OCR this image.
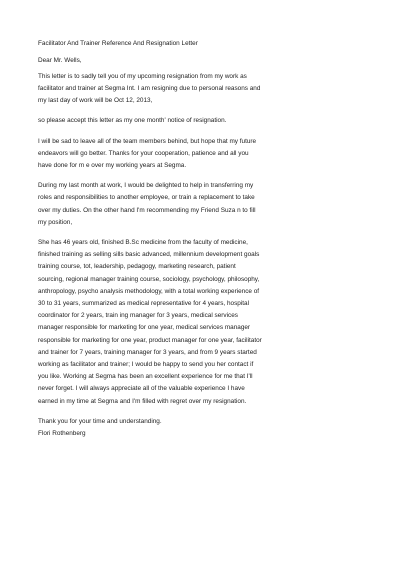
Facilitator And Trainer Reference And Resignation Letter

Dear Mr. Wells,

This letter is to sadly tell you of my upcoming resignation from my work as
facilitator and trainer at Segma Int. I am resigning due to personal reasons and
my last day of work will be Oct 12, 2013,

so please accept this letter as my one month' notice of resignation.

I will be sad to leave all of the team members behind, but hope that my future
endeavors will go better. Thanks for your cooperation, patience and all you
have done for m e over my working years at Segma.

During my last month at work, I would be delighted to help in transferring my
roles and responsibilities to another employee, or train a replacement to take
over my duties. On the other hand I'm recommending my Friend Suza n to fill
my position,

She has 46 years old, finished B.Sc medicine from the faculty of medicine,
finished training as selling sills basic advanced, millennium development goals
training course, tot, leadership, pedagogy, marketing research, patient
sourcing, regional manager training course, sociology, psychology, philosophy,
anthropology, psycho analysis methodology, with a total working experience of
30 to 31 years, summarized as medical representative for 4 years, hospital
coordinator for 2 years, train ing manager for 3 years, medical services
manager responsible for marketing for one year, medical services manager
responsible for marketing for one year, product manager for one year, facilitator
and trainer for 7 years, training manager for 3 years, and from 9 years started
working as facilitator and trainer; I would be happy to send you her contact if
you like. Working at Segma has been an excellent experience for me that I'll
never forget. I will always appreciate all of the valuable experience I have
earned in my time at Segma and I'm filled with regret over my resignation.

Thank you for your time and understanding.

Flori Rothenberg
